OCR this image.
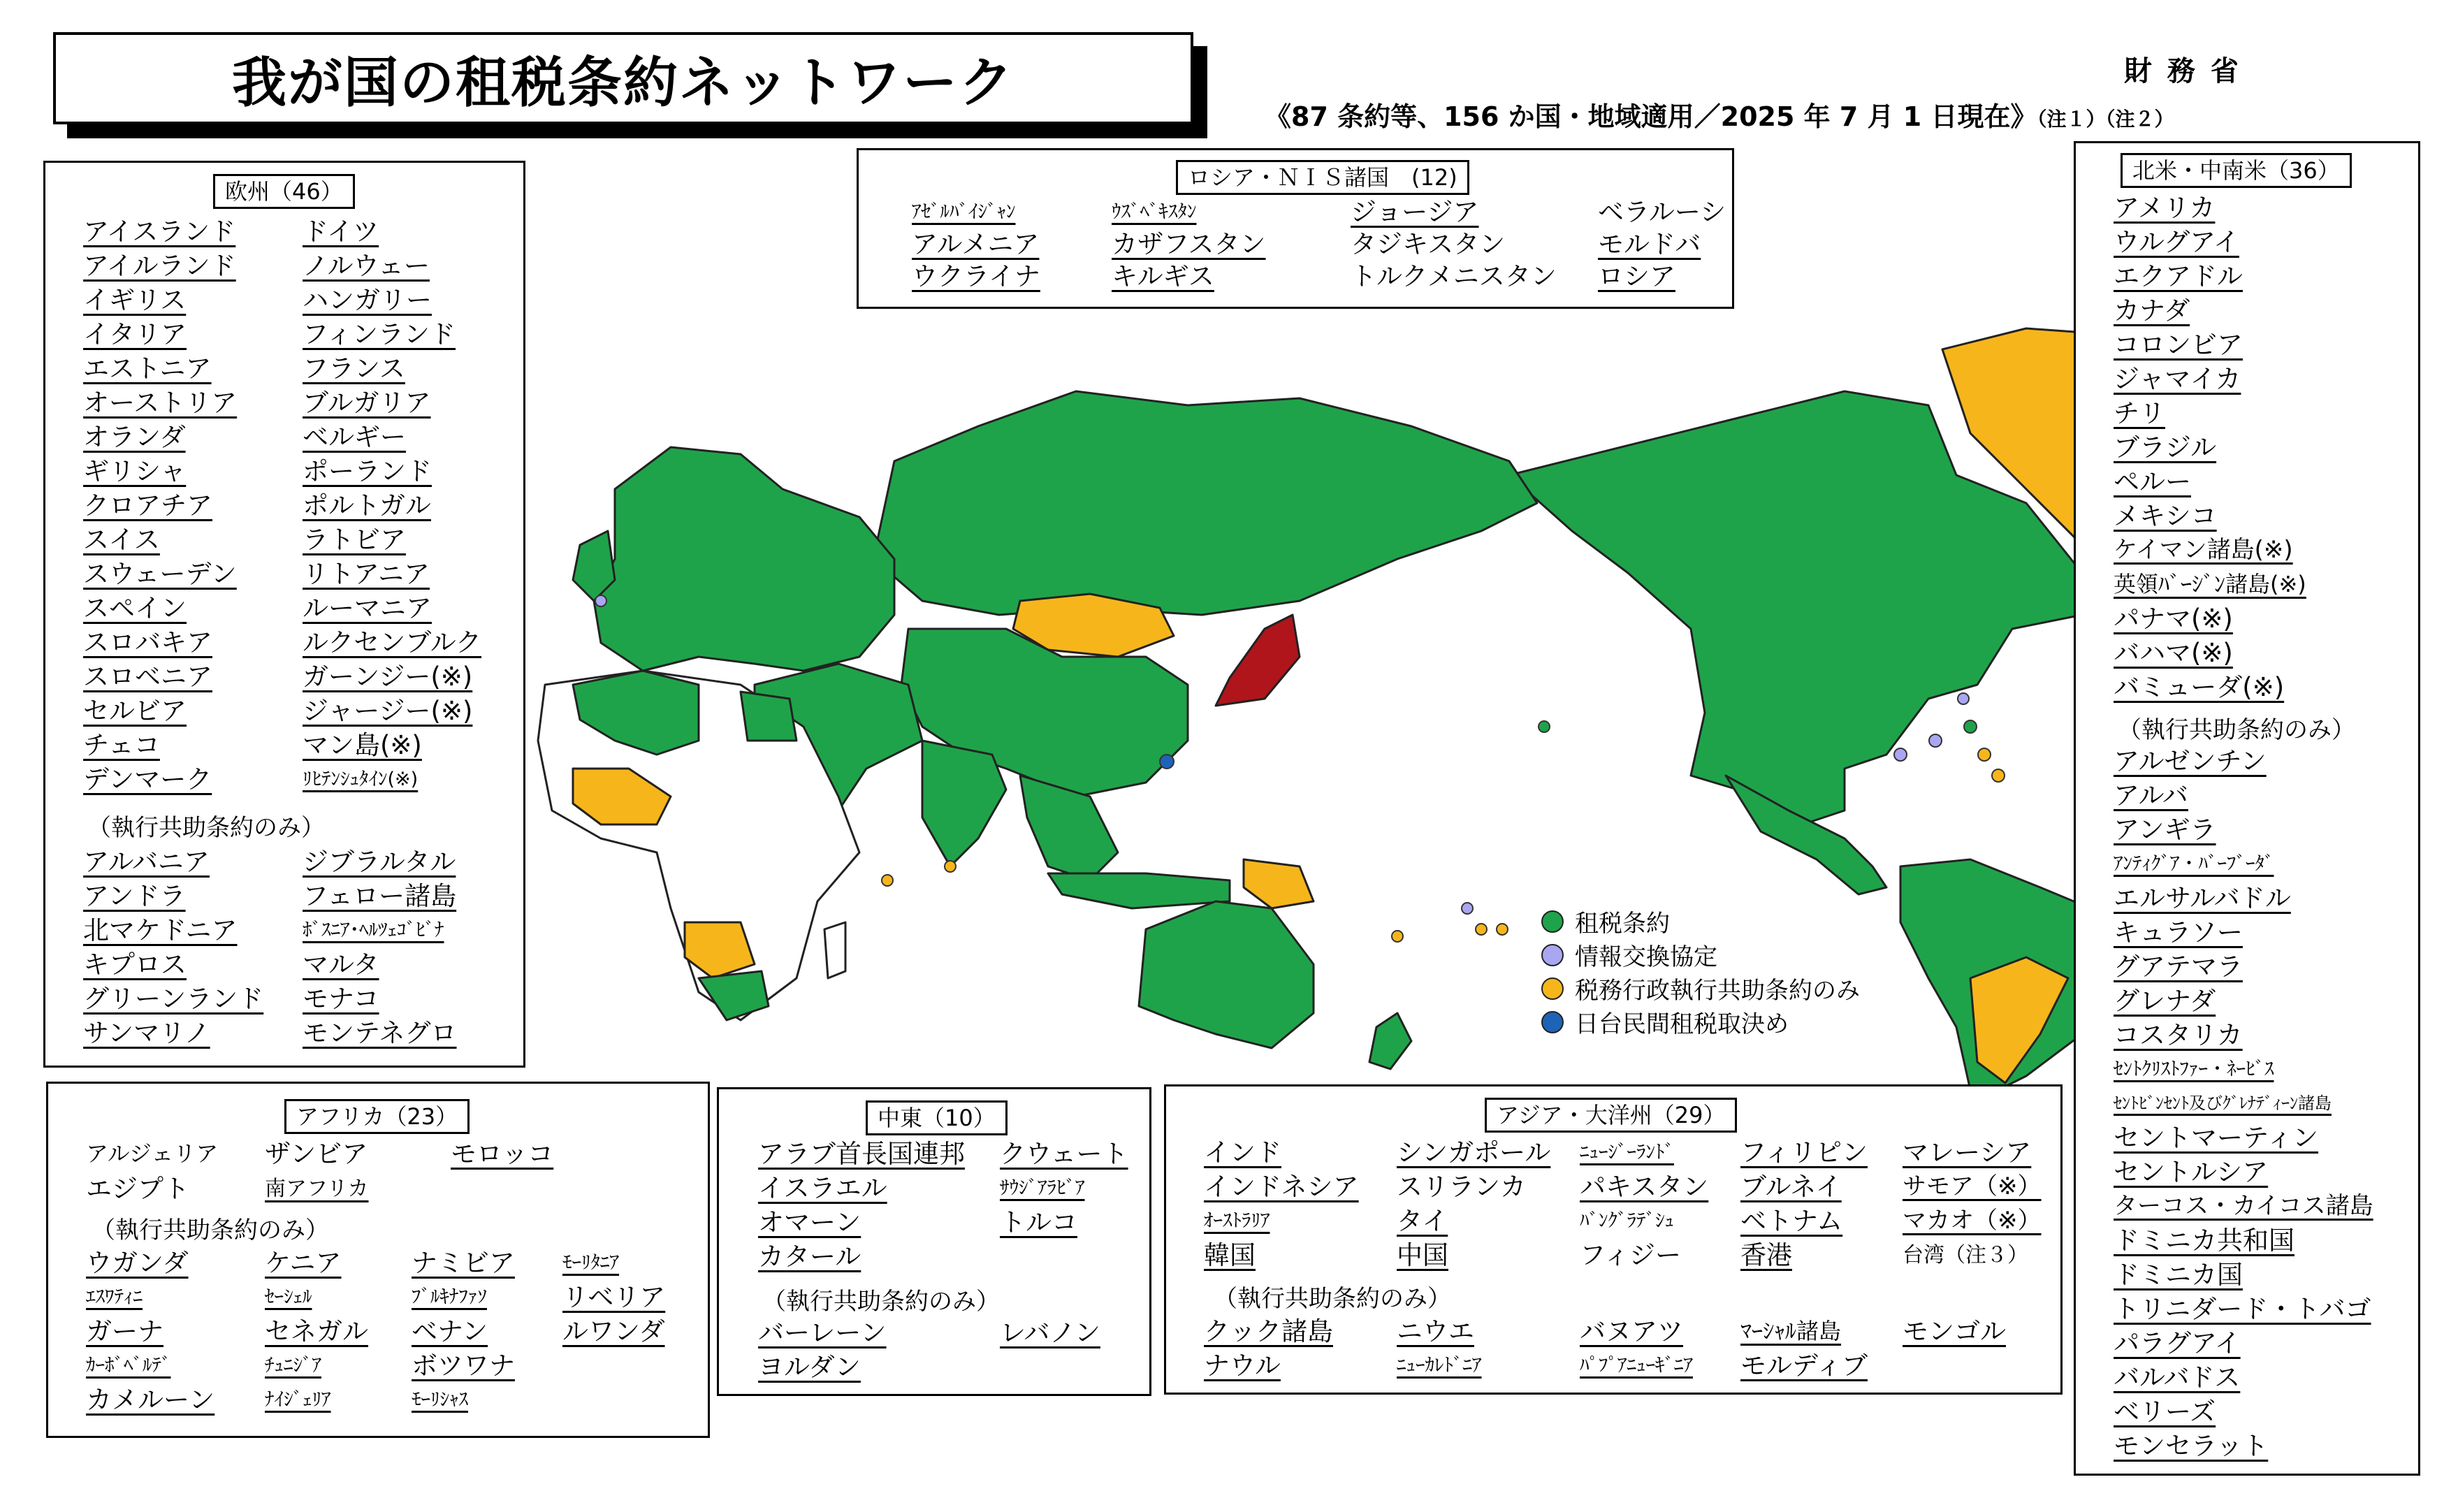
我が国の租税条約ネットワーク	財 務 省
《87 条約等、156 か国・地域適用／2025 年 7 月 1 日現在》（注１）（注２）
欧州（46）
アイスランド
アイルランド
イギリス
イタリア
エストニア
オーストリア
オランダ
ギリシャ
クロアチア
スイス
スウェーデン
スペイン
スロバキア
スロベニア
セルビア
チェコ
デンマーク
ドイツ
ノルウェー
ハンガリー
フィンランド
フランス
ブルガリア
ベルギー
ポーランド
ポルトガル
ラトビア
リトアニア
ルーマニア
ルクセンブルク
ガーンジー(※)
ジャージー(※)
マン島(※)
ﾘﾋﾃﾝｼｭﾀｲﾝ(※)
（執行共助条約のみ）
アルバニア
アンドラ
北マケドニア
キプロス
グリーンランド
サンマリノ
ジブラルタル
フェロー諸島
ﾎﾞｽﾆｱ･ﾍﾙﾂｪｺﾞﾋﾞﾅ
マルタ
モナコ
モンテネグロ
ロシア・ＮＩＳ諸国　(12)
ｱｾﾞﾙﾊﾞｲｼﾞｬﾝ
アルメニア
ウクライナ
ｳｽﾞﾍﾞｷｽﾀﾝ
カザフスタン
キルギス
ジョージア
タジキスタン
トルクメニスタン
ベラルーシ
モルドバ
ロシア
北米・中南米（36）
アメリカ
ウルグアイ
エクアドル
カナダ
コロンビア
ジャマイカ
チリ
ブラジル
ペルー
メキシコ
ケイマン諸島(※)
英領ﾊﾞｰｼﾞﾝ諸島(※)
パナマ(※)
バハマ(※)
バミューダ(※)
（執行共助条約のみ）
アルゼンチン
アルバ
アンギラ
ｱﾝﾃｨｸﾞｱ・ﾊﾞｰﾌﾞｰﾀﾞ
エルサルバドル
キュラソー
グアテマラ
グレナダ
コスタリカ
ｾﾝﾄｸﾘｽﾄﾌｧｰ・ﾈｰﾋﾞｽ
ｾﾝﾄﾋﾞﾝｾﾝﾄ及びｸﾞﾚﾅﾃﾞｨｰﾝ諸島
セントマーティン
セントルシア
ターコス・カイコス諸島
ドミニカ共和国
ドミニカ国
トリニダード・トバゴ
パラグアイ
バルバドス
ベリーズ
モンセラット
租税条約
情報交換協定
税務行政執行共助条約のみ
日台民間租税取決め
アフリカ（23）
アルジェリア ザンビア	モロッコ
エジプト	南アフリカ
（執行共助条約のみ）
ウガンダ
ｴｽﾜﾃｨﾆ
ガーナ
ｶｰﾎﾞﾍﾞﾙﾃﾞ
カメルーン
ケニア
ｾｰｼｪﾙ
セネガル
ﾁｭﾆｼﾞｱ
ﾅｲｼﾞｪﾘｱ
ナミビア
ﾌﾞﾙｷﾅﾌｧｿ
ベナン
ボツワナ
ﾓｰﾘｼｬｽ
ﾓｰﾘﾀﾆｱ
リベリア
ルワンダ
中東（10）
アラブ首長国連邦
イスラエル
オマーン
カタール
クウェート
ｻｳｼﾞｱﾗﾋﾞｱ
トルコ
（執行共助条約のみ）
バーレーン
ヨルダン
レバノン
アジア・大洋州（29）
インド
インドネシア
ｵｰｽﾄﾗﾘｱ
韓国
シンガポール
スリランカ
タイ
中国
ﾆｭｰｼﾞｰﾗﾝﾄﾞ
パキスタン
ﾊﾞﾝｸﾞﾗﾃﾞｼｭ
フィジー
フィリピン
ブルネイ
ベトナム
香港
マレーシア
サモア（※）
マカオ（※）
台湾（注３）
（執行共助条約のみ）
クック諸島
ナウル
ニウエ
ﾆｭｰｶﾚﾄﾞﾆｱ
バヌアツ
ﾊﾟﾌﾟｱﾆｭｰｷﾞﾆｱ
ﾏｰｼｬﾙ諸島
モルディブ
モンゴル
